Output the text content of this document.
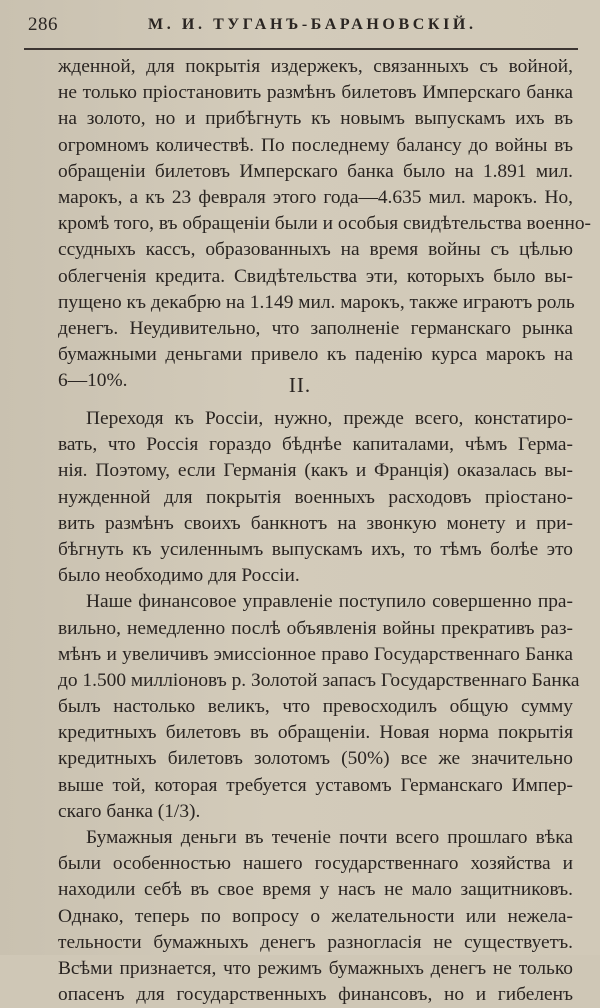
286	М. И. ТУГАНЪ-БАРАНОВСКІЙ.
жденной, для покрытія издержекъ, связанныхъ съ войной,
не только пріостановить размѣнъ билетовъ Имперскаго банка
на золото, но и прибѣгнуть къ новымъ выпускамъ ихъ въ
огромномъ количествѣ. По последнему балансу до войны въ
обращеніи билетовъ Имперскаго банка было на 1.891 мил.
марокъ, а къ 23 февраля этого года—4.635 мил. марокъ. Но,
кромѣ того, въ обращеніи были и особыя свидѣтельства военно-
ссудныхъ кассъ, образованныхъ на время войны съ цѣлью
облегченія кредита. Свидѣтельства эти, которыхъ было вы-
пущено къ декабрю на 1.149 мил. марокъ, также играютъ роль
денегъ. Неудивительно, что заполненіе германскаго рынка
бумажными деньгами привело къ паденію курса марокъ на
6—10%.	II.
Переходя къ Россіи, нужно, прежде всего, констатиро-
вать, что Россія гораздо бѣднѣе капиталами, чѣмъ Герма-
нія. Поэтому, если Германія (какъ и Франція) оказалась вы-
нужденной для покрытія военныхъ расходовъ пріостано-
вить размѣнъ своихъ банкнотъ на звонкую монету и при-
бѣгнуть къ усиленнымъ выпускамъ ихъ, то тѣмъ болѣе это
было необходимо для Россіи.
Наше финансовое управленіе поступило совершенно пра-
вильно, немедленно послѣ объявленія войны прекративъ раз-
мѣнъ и увеличивъ эмиссіонное право Государственнаго Банка
до 1.500 милліоновъ р. Золотой запасъ Государственнаго Банка
былъ настолько великъ, что превосходилъ общую сумму
кредитныхъ билетовъ въ обращеніи. Новая норма покрытія
кредитныхъ билетовъ золотомъ (50%) все же значительно
выше той, которая требуется уставомъ Германскаго Импер-
скаго банка (1/3).
Бумажныя деньги въ теченіе почти всего прошлаго вѣка
были особенностью нашего государственнаго хозяйства и
находили себѣ въ свое время у насъ не мало защитниковъ.
Однако, теперь по вопросу о желательности или нежела-
тельности бумажныхъ денегъ разногласія не существуетъ.
Всѣми признается, что режимъ бумажныхъ денегъ не только
опасенъ для государственныхъ финансовъ, но и гибеленъ
